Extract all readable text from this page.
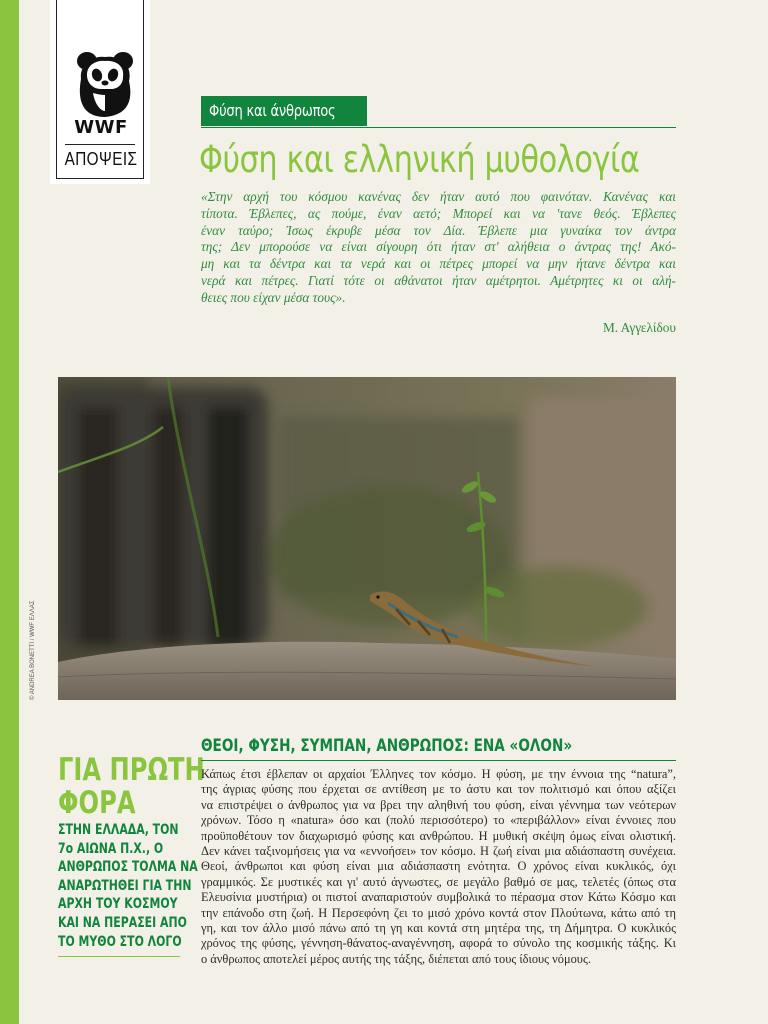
WWF
ΑΠΟΨΕΙΣ
Φύση και άνθρωπος
Φύση και ελληνική μυθολογία
«Στην αρχή του κόσμου κανένας δεν ήταν αυτό που φαινόταν. Κανένας και
τίποτα. Έβλεπες, ας πούμε, έναν αετό; Μπορεί και να 'τανε θεός. Έβλεπες
έναν ταύρο; Ίσως έκρυβε μέσα τον Δία. Έβλεπε μια γυναίκα τον άντρα
της; Δεν μπορούσε να είναι σίγουρη ότι ήταν στ' αλήθεια ο άντρας της! Ακό-
μη και τα δέντρα και τα νερά και οι πέτρες μπορεί να μην ήτανε δέντρα και
νερά και πέτρες. Γιατί τότε οι αθάνατοι ήταν αμέτρητοι. Αμέτρητες κι οι αλή-
θειες που είχαν μέσα τους».
Μ. Αγγελίδου
© ANDREA BONETTI / WWF ΕΛΛΑΣ
ΓΙΑ ΠΡΩΤΗ
ΦΟΡΑ
ΣΤΗΝ ΕΛΛΑΔΑ, ΤΟΝ
7ο ΑΙΩΝΑ Π.Χ., Ο
ΑΝΘΡΩΠΟΣ ΤΟΛΜΑ ΝΑ
ΑΝΑΡΩΤΗΘΕΙ ΓΙΑ ΤΗΝ
ΑΡΧΗ ΤΟΥ ΚΟΣΜΟΥ
ΚΑΙ ΝΑ ΠΕΡΑΣΕΙ ΑΠΟ
ΤΟ ΜΥΘΟ ΣΤΟ ΛΟΓΟ
ΘΕΟΙ, ΦΥΣΗ, ΣΥΜΠΑΝ, ΑΝΘΡΩΠΟΣ: ΕΝΑ «ΟΛΟΝ»
Κάπως έτσι έβλεπαν οι αρχαίοι Έλληνες τον κόσμο. Η φύση, με την έννοια της “natura”,
της άγριας φύσης που έρχεται σε αντίθεση με το άστυ και τον πολιτισμό και όπου αξίζει
να επιστρέψει ο άνθρωπος για να βρει την αληθινή του φύση, είναι γέννημα των νεότερων
χρόνων. Τόσο η «natura» όσο και (πολύ περισσότερο) το «περιβάλλον» είναι έννοιες που
προϋποθέτουν τον διαχωρισμό φύσης και ανθρώπου. Η μυθική σκέψη όμως είναι ολιστική.
Δεν κάνει ταξινομήσεις για να «εννοήσει» τον κόσμο. Η ζωή είναι μια αδιάσπαστη συνέχεια.
Θεοί, άνθρωποι και φύση είναι μια αδιάσπαστη ενότητα. Ο χρόνος είναι κυκλικός, όχι
γραμμικός. Σε μυστικές και γι' αυτό άγνωστες, σε μεγάλο βαθμό σε μας, τελετές (όπως στα
Ελευσίνια μυστήρια) οι πιστοί αναπαριστούν συμβολικά το πέρασμα στον Κάτω Κόσμο και
την επάνοδο στη ζωή. Η Περσεφόνη ζει το μισό χρόνο κοντά στον Πλούτωνα, κάτω από τη
γη, και τον άλλο μισό πάνω από τη γη και κοντά στη μητέρα της, τη Δήμητρα. Ο κυκλικός
χρόνος της φύσης, γέννηση-θάνατος-αναγέννηση, αφορά το σύνολο της κοσμικής τάξης. Κι
ο άνθρωπος αποτελεί μέρος αυτής της τάξης, διέπεται από τους ίδιους νόμους.
